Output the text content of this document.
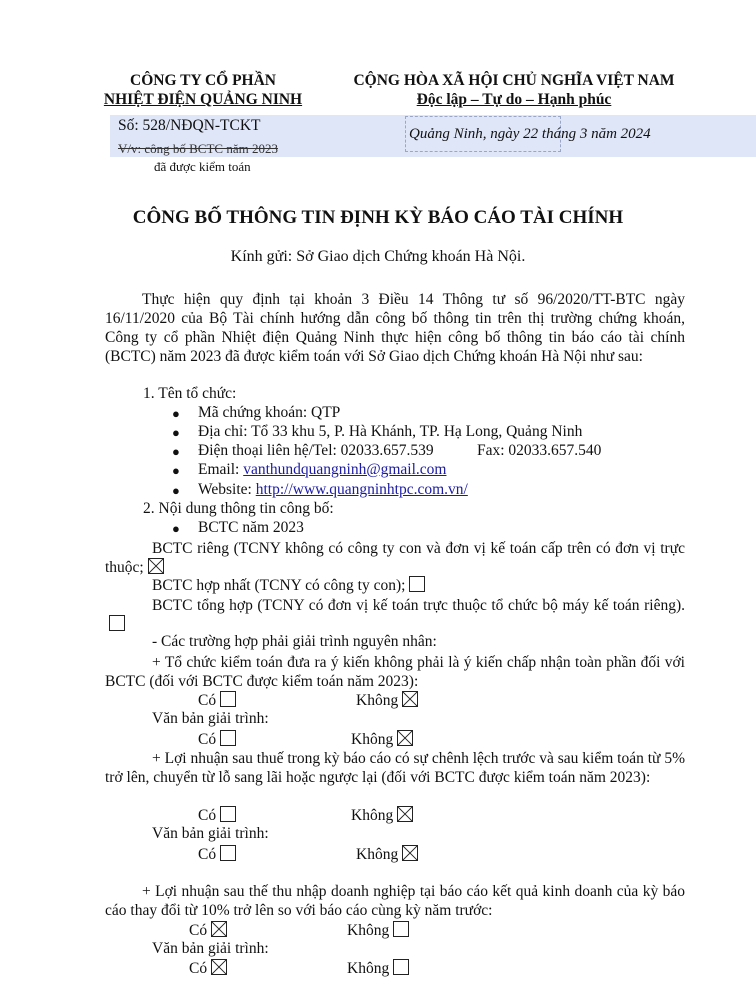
CÔNG TY CỔ PHẦN
NHIỆT ĐIỆN QUẢNG NINH
CỘNG HÒA XÃ HỘI CHỦ NGHĨA VIỆT NAM
Độc lập – Tự do – Hạnh phúc
Số: 528/NĐQN-TCKT
V/v: công bố BCTC năm 2023
đã được kiểm toán
Quảng Ninh, ngày 22 tháng 3 năm 2024
CÔNG BỐ THÔNG TIN ĐỊNH KỲ BÁO CÁO TÀI CHÍNH
Kính gửi: Sở Giao dịch Chứng khoán Hà Nội.
Thực hiện quy định tại khoản 3 Điều 14 Thông tư số 96/2020/TT-BTC ngày 16/11/2020 của Bộ Tài chính hướng dẫn công bố thông tin trên thị trường chứng khoán, Công ty cổ phần Nhiệt điện Quảng Ninh thực hiện công bố thông tin báo cáo tài chính (BCTC) năm 2023 đã được kiểm toán với Sở Giao dịch Chứng khoán Hà Nội như sau:
1. Tên tổ chức:
● Mã chứng khoán: QTP
● Địa chỉ: Tổ 33 khu 5, P. Hà Khánh, TP. Hạ Long, Quảng Ninh
● Điện thoại liên hệ/Tel: 02033.657.539	Fax: 02033.657.540
● Email: vanthundquangninh@gmail.com
● Website: http://www.quangninhtpc.com.vn/
2. Nội dung thông tin công bố:
● BCTC năm 2023
BCTC riêng (TCNY không có công ty con và đơn vị kế toán cấp trên có đơn vị trực thuộc;
BCTC hợp nhất (TCNY có công ty con);
BCTC tổng hợp (TCNY có đơn vị kế toán trực thuộc tổ chức bộ máy kế toán riêng).
- Các trường hợp phải giải trình nguyên nhân:
+ Tổ chức kiểm toán đưa ra ý kiến không phải là ý kiến chấp nhận toàn phần đối với BCTC (đối với BCTC được kiểm toán năm 2023):
Có	Không
Văn bản giải trình:
Có	Không
+ Lợi nhuận sau thuế trong kỳ báo cáo có sự chênh lệch trước và sau kiểm toán từ 5% trở lên, chuyển từ lỗ sang lãi hoặc ngược lại (đối với BCTC được kiểm toán năm 2023):
Có	Không
Văn bản giải trình:
Có	Không
+ Lợi nhuận sau thế thu nhập doanh nghiệp tại báo cáo kết quả kinh doanh của kỳ báo cáo thay đổi từ 10% trở lên so với báo cáo cùng kỳ năm trước:
Có	Không
Văn bản giải trình:
Có	Không
